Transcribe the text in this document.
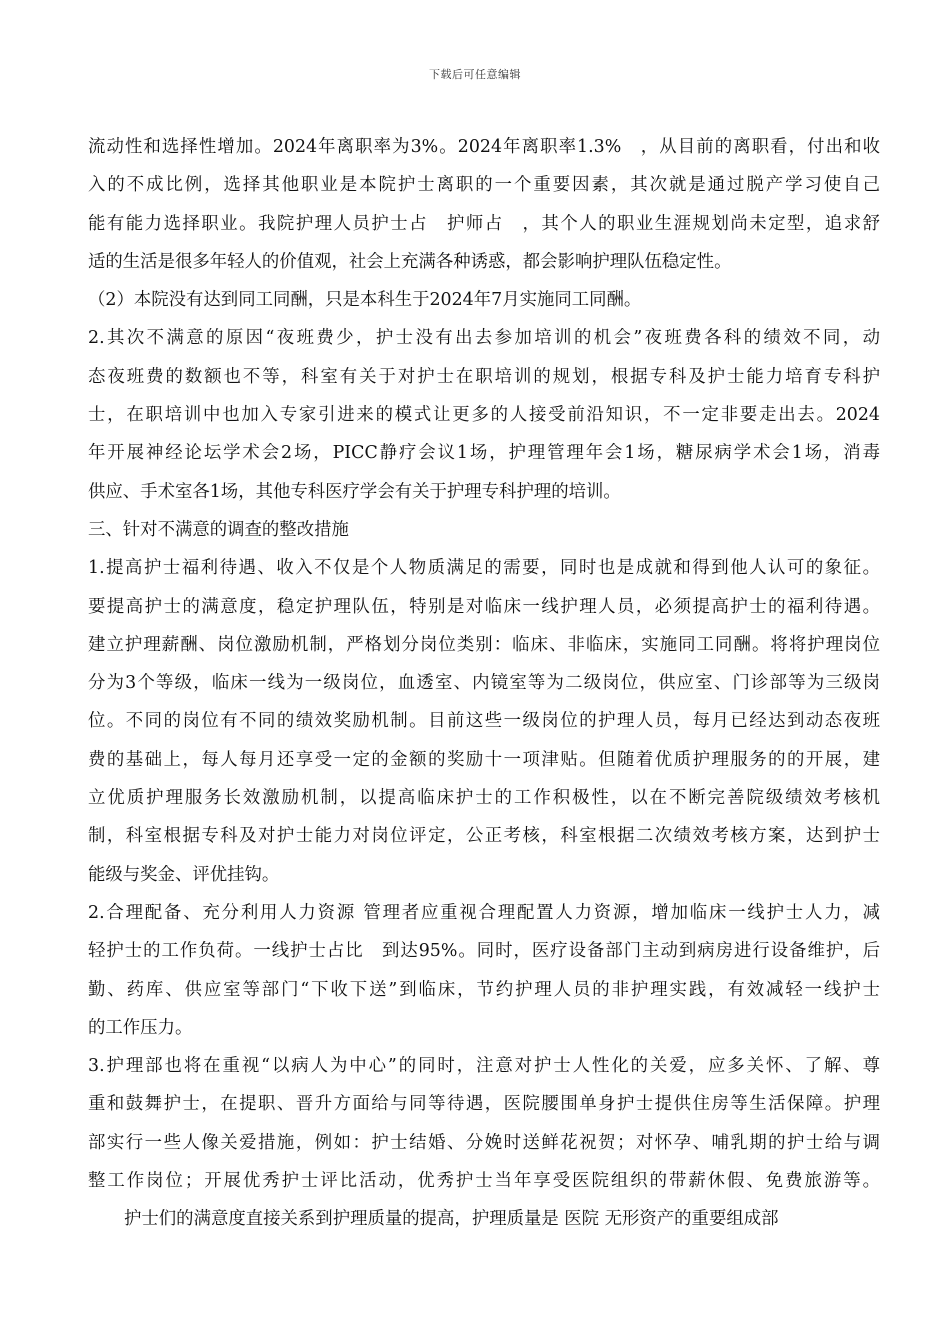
下载后可任意编辑
流动性和选择性增加。2024年离职率为3%。2024年离职率1.3%　，从目前的离职看，付出和收
入的不成比例，选择其他职业是本院护士离职的一个重要因素，其次就是通过脱产学习使自己
能有能力选择职业。我院护理人员护士占　护师占　，其个人的职业生涯规划尚未定型，追求舒
适的生活是很多年轻人的价值观，社会上充满各种诱惑，都会影响护理队伍稳定性。
（2）本院没有达到同工同酬，只是本科生于2024年7月实施同工同酬。
2.其次不满意的原因“夜班费少，护士没有出去参加培训的机会”夜班费各科的绩效不同，动
态夜班费的数额也不等，科室有关于对护士在职培训的规划，根据专科及护士能力培育专科护
士，在职培训中也加入专家引进来的模式让更多的人接受前沿知识，不一定非要走出去。2024
年开展神经论坛学术会2场，PICC静疗会议1场，护理管理年会1场，糖尿病学术会1场，消毒
供应、手术室各1场，其他专科医疗学会有关于护理专科护理的培训。
三、针对不满意的调查的整改措施
1.提高护士福利待遇、收入不仅是个人物质满足的需要，同时也是成就和得到他人认可的象征。
要提高护士的满意度，稳定护理队伍，特别是对临床一线护理人员，必须提高护士的福利待遇。
建立护理薪酬、岗位激励机制，严格划分岗位类别：临床、非临床，实施同工同酬。将将护理岗位
分为3个等级，临床一线为一级岗位，血透室、内镜室等为二级岗位，供应室、门诊部等为三级岗
位。不同的岗位有不同的绩效奖励机制。目前这些一级岗位的护理人员，每月已经达到动态夜班
费的基础上，每人每月还享受一定的金额的奖励十一项津贴。但随着优质护理服务的的开展，建
立优质护理服务长效激励机制，以提高临床护士的工作积极性，以在不断完善院级绩效考核机
制，科室根据专科及对护士能力对岗位评定，公正考核，科室根据二次绩效考核方案，达到护士
能级与奖金、评优挂钩。
2.合理配备、充分利用人力资源 管理者应重视合理配置人力资源，增加临床一线护士人力，减
轻护士的工作负荷。一线护士占比　到达95%。同时，医疗设备部门主动到病房进行设备维护，后
勤、药库、供应室等部门“下收下送”到临床，节约护理人员的非护理实践，有效减轻一线护士
的工作压力。
3.护理部也将在重视“以病人为中心”的同时，注意对护士人性化的关爱，应多关怀、了解、尊
重和鼓舞护士，在提职、晋升方面给与同等待遇，医院腰围单身护士提供住房等生活保障。护理
部实行一些人像关爱措施，例如：护士结婚、分娩时送鲜花祝贺；对怀孕、哺乳期的护士给与调
整工作岗位；开展优秀护士评比活动，优秀护士当年享受医院组织的带薪休假、免费旅游等。
护士们的满意度直接关系到护理质量的提高，护理质量是 医院 无形资产的重要组成部
